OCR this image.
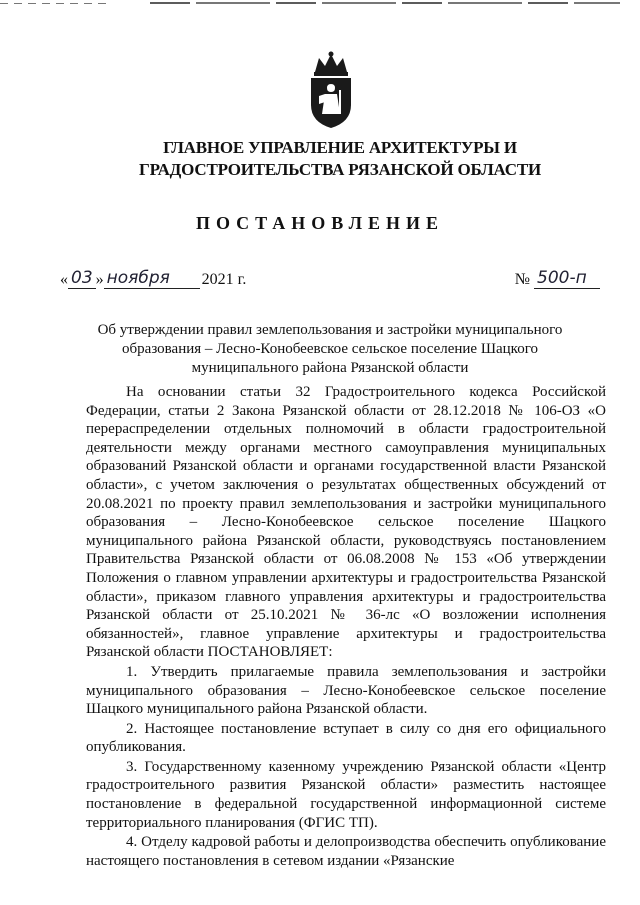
ГЛАВНОЕ УПРАВЛЕНИЕ АРХИТЕКТУРЫ И ГРАДОСТРОИТЕЛЬСТВА РЯЗАНСКОЙ ОБЛАСТИ
ПОСТАНОВЛЕНИЕ
« 03 » ноября	2021 г.	№ 500-п
Об утверждении правил землепользования и застройки муниципального образования – Лесно-Конобеевское сельское поселение Шацкого муниципального района Рязанской области

На основании статьи 32 Градостроительного кодекса Российской Федерации, статьи 2 Закона Рязанской области от 28.12.2018 № 106-ОЗ «О перераспределении отдельных полномочий в области градостроительной деятельности между органами местного самоуправления муниципальных образований Рязанской области и органами государственной власти Рязанской области», с учетом заключения о результатах общественных обсуждений от 20.08.2021 по проекту правил землепользования и застройки муниципального образования – Лесно-Конобеевское сельское поселение Шацкого муниципального района Рязанской области, руководствуясь постановлением Правительства Рязанской области от 06.08.2008 № 153 «Об утверждении Положения о главном управлении архитектуры и градостроительства Рязанской области», приказом главного управления архитектуры и градостроительства Рязанской области от 25.10.2021 № 36-лс «О возложении исполнения обязанностей», главное управление архитектуры и градостроительства Рязанской области ПОСТАНОВЛЯЕТ:

1. Утвердить прилагаемые правила землепользования и застройки муниципального образования – Лесно-Конобеевское сельское поселение Шацкого муниципального района Рязанской области.

2. Настоящее постановление вступает в силу со дня его официального опубликования.

3. Государственному казенному учреждению Рязанской области «Центр градостроительного развития Рязанской области» разместить настоящее постановление в федеральной государственной информационной системе территориального планирования (ФГИС ТП).

4. Отделу кадровой работы и делопроизводства обеспечить опубликование настоящего постановления в сетевом издании «Рязанские
